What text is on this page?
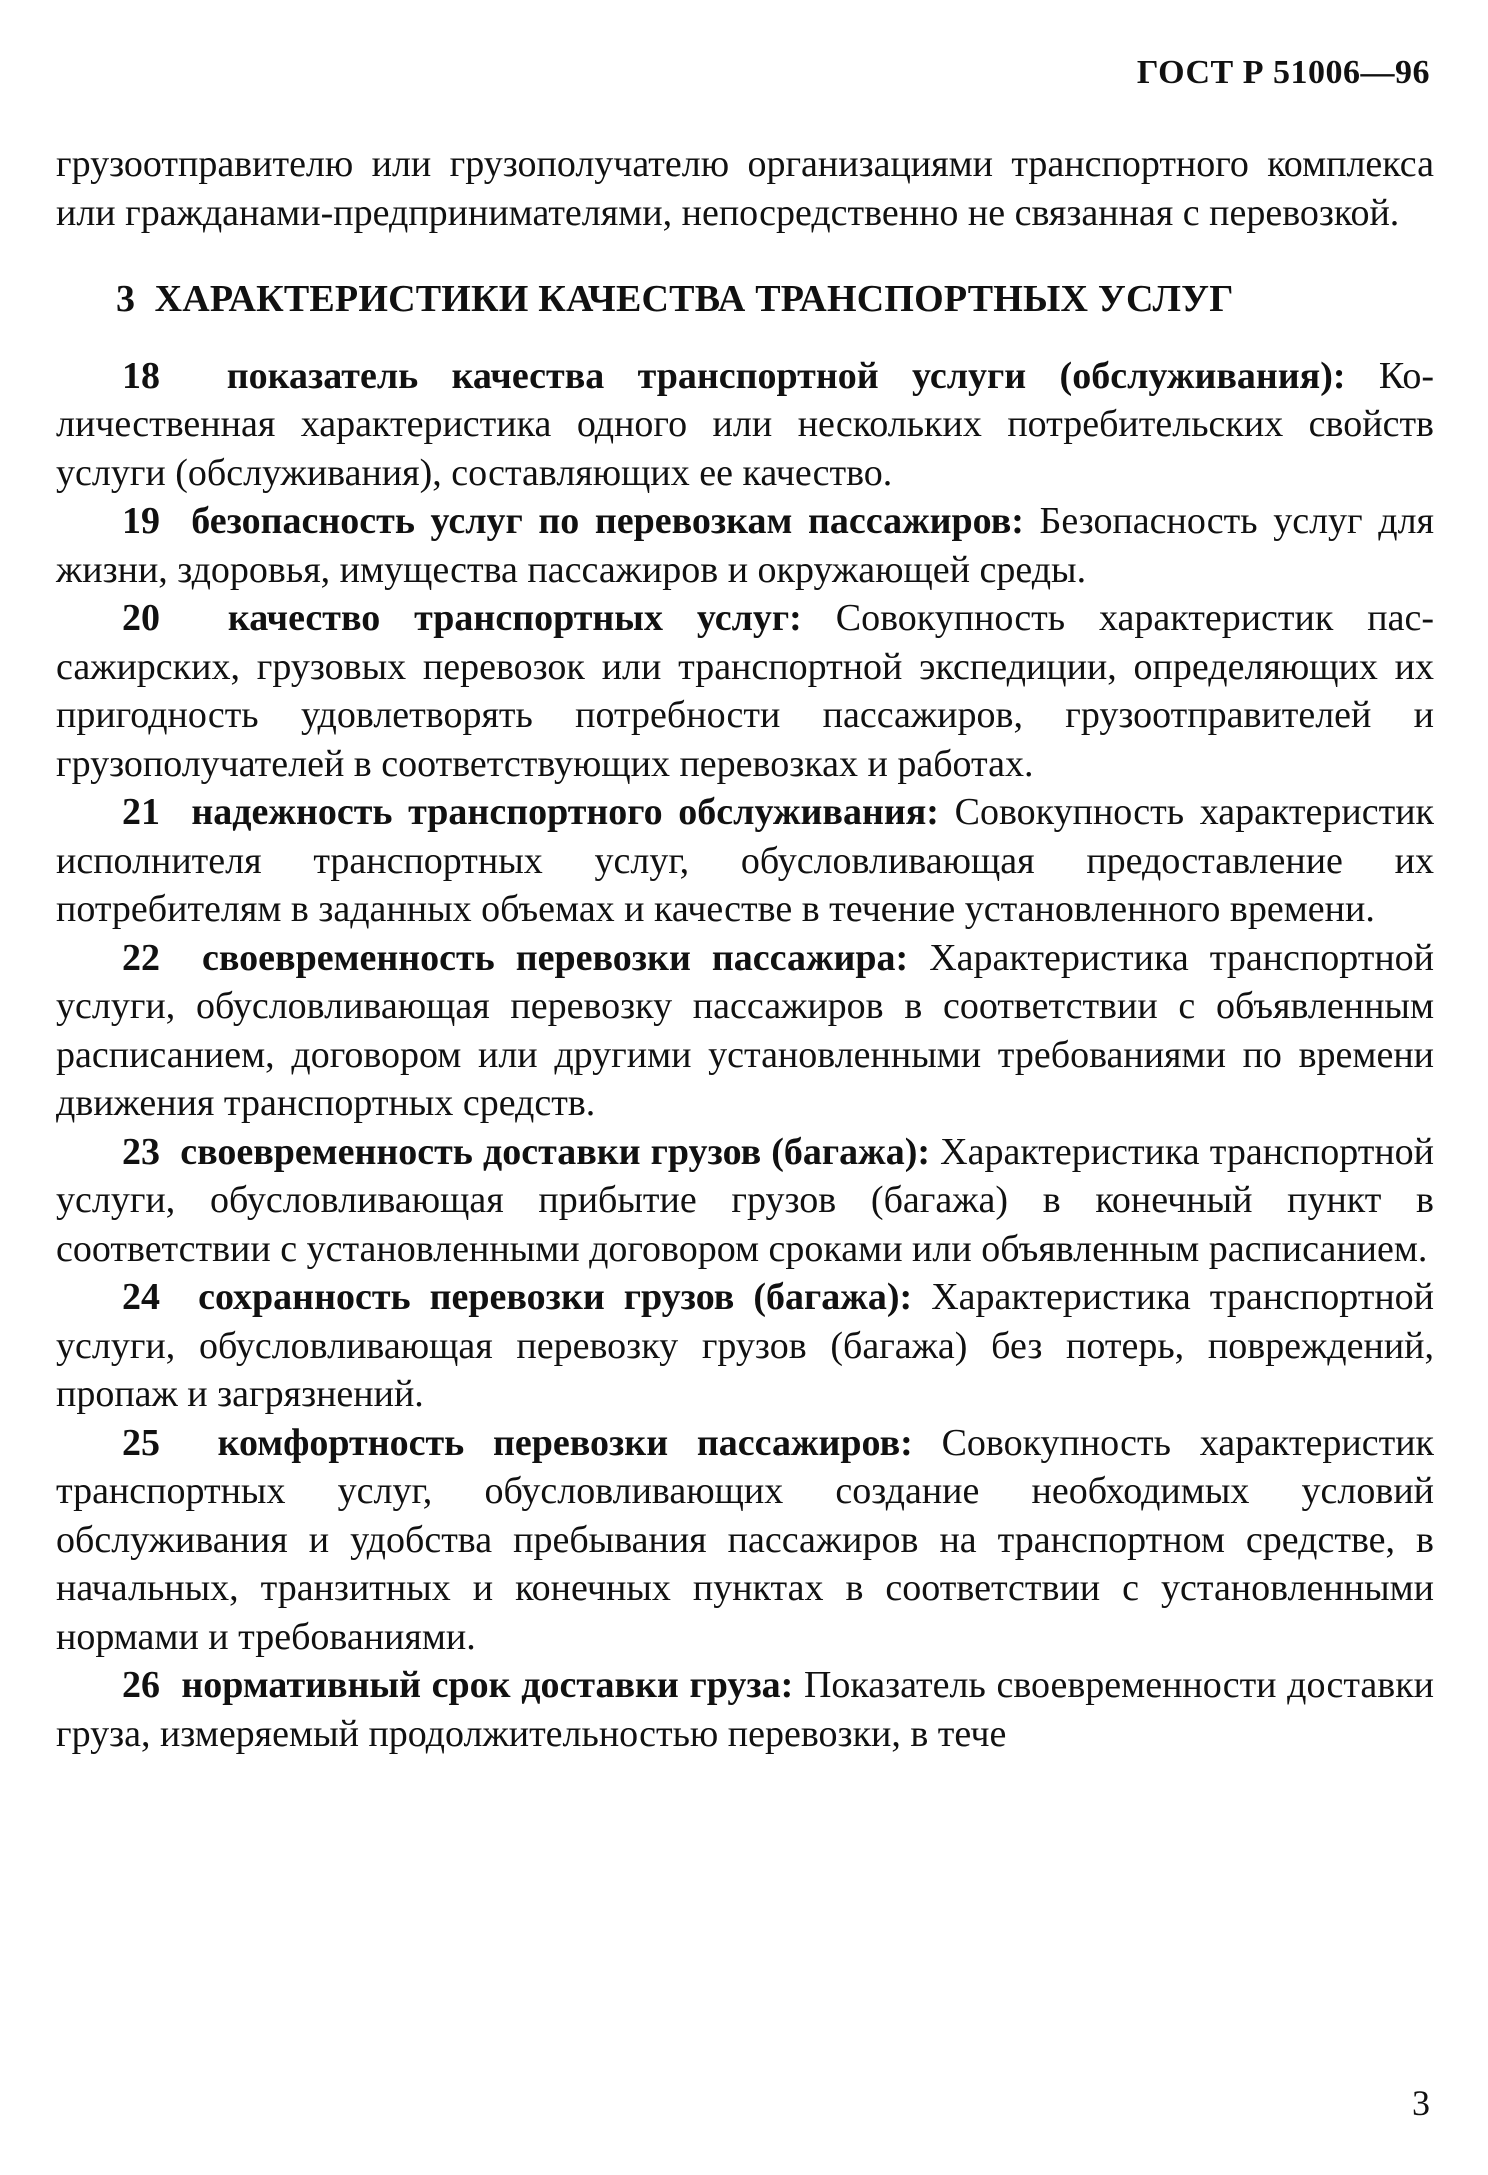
ГОСТ Р 51006—96

грузоотправителю или грузополучателю организациями транспортного комплекса или гражданами-предпринимателями, непосредственно не связанная с перевозкой.

3 ХАРАКТЕРИСТИКИ КАЧЕСТВА ТРАНСПОРТНЫХ УСЛУГ

18 показатель качества транспортной услуги (обслуживания): Количественная характеристика одного или нескольких потребительских свойств услуги (обслуживания), составляющих ее качество.

19 безопасность услуг по перевозкам пассажиров: Безопасность услуг для жизни, здоровья, имущества пассажиров и окружающей среды.

20 качество транспортных услуг: Совокупность характеристик пассажирских, грузовых перевозок или транспортной экспедиции, определяющих их пригодность удовлетворять потребности пассажиров, грузоотправителей и грузополучателей в соответствующих перевозках и работах.

21 надежность транспортного обслуживания: Совокупность характеристик исполнителя транспортных услуг, обусловливающая предоставление их потребителям в заданных объемах и качестве в течение установленного времени.

22 своевременность перевозки пассажира: Характеристика транспортной услуги, обусловливающая перевозку пассажиров в соответствии с объявленным расписанием, договором или другими установленными требованиями по времени движения транспортных средств.

23 своевременность доставки грузов (багажа): Характеристика транспортной услуги, обусловливающая прибытие грузов (багажа) в конечный пункт в соответствии с установленными договором сроками или объявленным расписанием.

24 сохранность перевозки грузов (багажа): Характеристика транспортной услуги, обусловливающая перевозку грузов (багажа) без потерь, повреждений, пропаж и загрязнений.

25 комфортность перевозки пассажиров: Совокупность характеристик транспортных услуг, обусловливающих создание необходимых условий обслуживания и удобства пребывания пассажиров на транспортном средстве, в начальных, транзитных и конечных пунктах в соответствии с установленными нормами и требованиями.

26 нормативный срок доставки груза: Показатель своевременности доставки груза, измеряемый продолжительностью перевозки, в тече

3
